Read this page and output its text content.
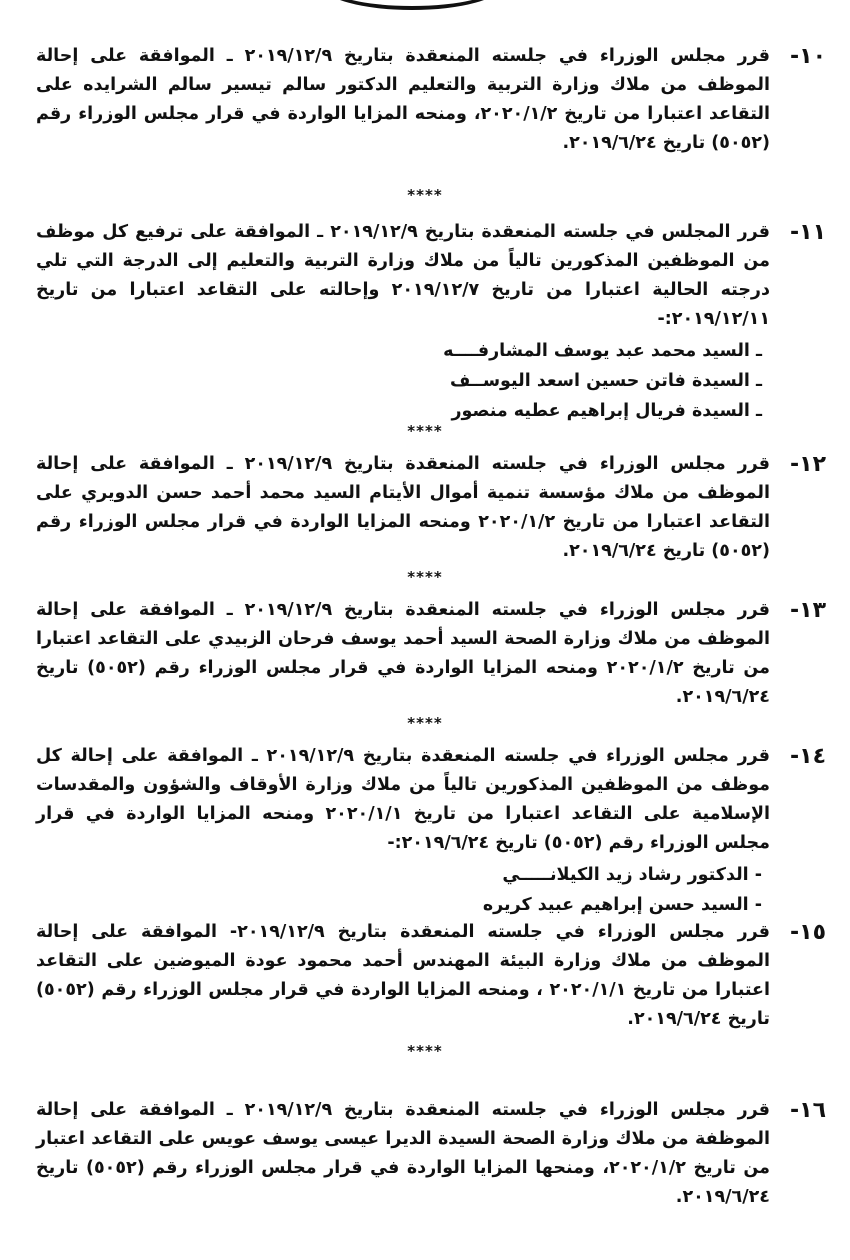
١٠-
قرر مجلس الوزراء في جلسته المنعقدة بتاريخ ٢٠١٩/١٢/٩ ـ الموافقة على إحالة الموظف من ملاك وزارة التربية والتعليم الدكتور سالم تيسير سالم الشرايده على التقاعد اعتبارا من تاريخ ٢٠٢٠/١/٢، ومنحه المزايا الواردة في قرار مجلس الوزراء رقم (٥٠٥٢) تاريخ ٢٠١٩/٦/٢٤.
****
١١-
قرر المجلس في جلسته المنعقدة بتاريخ ٢٠١٩/١٢/٩ ـ الموافقة على ترفيع كل موظف من الموظفين المذكورين تالياً من ملاك وزارة التربية والتعليم إلى الدرجة التي تلي درجته الحالية اعتبارا من تاريخ ٢٠١٩/١٢/٧ وإحالته على التقاعد اعتبارا من تاريخ ٢٠١٩/١٢/١١:-
ـ السيد محمد عبد يوسف المشارفــــه
ـ السيدة فاتن حسين اسعد اليوســف
ـ السيدة فريال إبراهيم عطيه منصور
****
١٢-
قرر مجلس الوزراء في جلسته المنعقدة بتاريخ ٢٠١٩/١٢/٩ ـ الموافقة على إحالة الموظف من ملاك مؤسسة تنمية أموال الأيتام السيد محمد أحمد حسن الدويري على التقاعد اعتبارا من تاريخ ٢٠٢٠/١/٢ ومنحه المزايا الواردة في قرار مجلس الوزراء رقم (٥٠٥٢) تاريخ ٢٠١٩/٦/٢٤.
****
١٣-
قرر مجلس الوزراء في جلسته المنعقدة بتاريخ ٢٠١٩/١٢/٩ ـ الموافقة على إحالة الموظف من ملاك وزارة الصحة السيد أحمد يوسف فرحان الزبيدي على التقاعد اعتبارا من تاريخ ٢٠٢٠/١/٢ ومنحه المزايا الواردة في قرار مجلس الوزراء رقم (٥٠٥٢) تاريخ ٢٠١٩/٦/٢٤.
****
١٤-
قرر مجلس الوزراء في جلسته المنعقدة بتاريخ ٢٠١٩/١٢/٩ ـ الموافقة على إحالة كل موظف من الموظفين المذكورين تالياً من ملاك وزارة الأوقاف والشؤون والمقدسات الإسلامية على التقاعد اعتبارا من تاريخ ٢٠٢٠/١/١ ومنحه المزايا الواردة في قرار مجلس الوزراء رقم (٥٠٥٢) تاريخ ٢٠١٩/٦/٢٤:-
- الدكتور رشاد زيد الكيلانـــــي
- السيد حسن إبراهيم عبيد كريره
١٥-
قرر مجلس الوزراء في جلسته المنعقدة بتاريخ ٢٠١٩/١٢/٩- الموافقة على إحالة الموظف من ملاك وزارة البيئة المهندس أحمد محمود عودة الميوضين على التقاعد اعتبارا من تاريخ ٢٠٢٠/١/١ ، ومنحه المزايا الواردة في قرار مجلس الوزراء رقم (٥٠٥٢) تاريخ ٢٠١٩/٦/٢٤.
****
١٦-
قرر مجلس الوزراء في جلسته المنعقدة بتاريخ ٢٠١٩/١٢/٩ ـ الموافقة على إحالة الموظفة من ملاك وزارة الصحة السيدة الديرا عيسى يوسف عويس على التقاعد اعتبار من تاريخ ٢٠٢٠/١/٢، ومنحها المزايا الواردة في قرار مجلس الوزراء رقم (٥٠٥٢) تاريخ ٢٠١٩/٦/٢٤.
